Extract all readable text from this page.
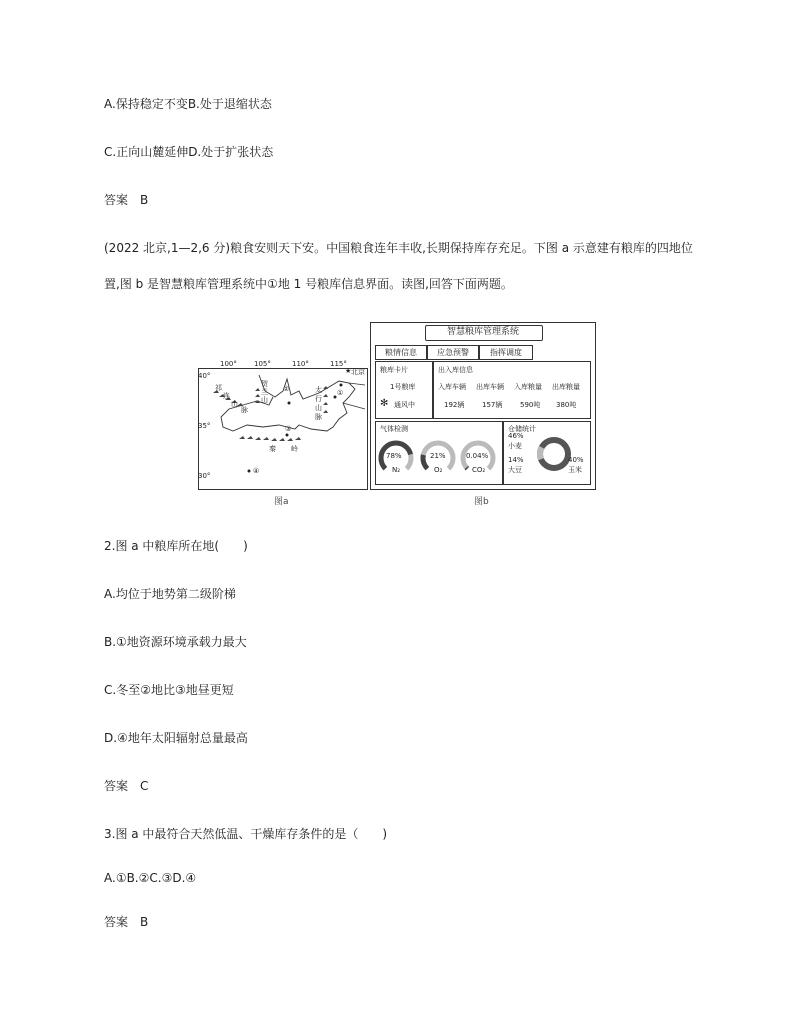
A.保持稳定不变B.处于退缩状态
C.正向山麓延伸D.处于扩张状态
答案　B
(2022 北京,1—2,6 分)粮食安则天下安。中国粮食连年丰收,长期保持库存充足。下图 a 示意建有粮库的四地位
置,图 b 是智慧粮库管理系统中①地 1 号粮库信息界面。读图,回答下面两题。
★ 北京
祁
连
山
脉
贺
兰
山
太
行
山
脉
秦 岭
①
②
③
④
100° 105°	110°	115°
40°
35°
30°
图a
智慧粮库管理系统
粮情信息	应急预警	指挥调度
粮库卡片
1号粮库
✻ 通风中
出入库信息
入库车辆 出库车辆 入库粮量 出库粮量
192辆	157辆	590吨 380吨
气体检测
78%
N₂
21%
O₂
0.04%
CO₂
仓储统计
46%
小麦
14%
大豆
40%
玉米
图b
2.图 a 中粮库所在地(　　)
A.均位于地势第二级阶梯
B.①地资源环境承载力最大
C.冬至②地比③地昼更短
D.④地年太阳辐射总量最高
答案　C
3.图 a 中最符合天然低温、干燥库存条件的是（　　)
A.①B.②C.③D.④
答案　B
